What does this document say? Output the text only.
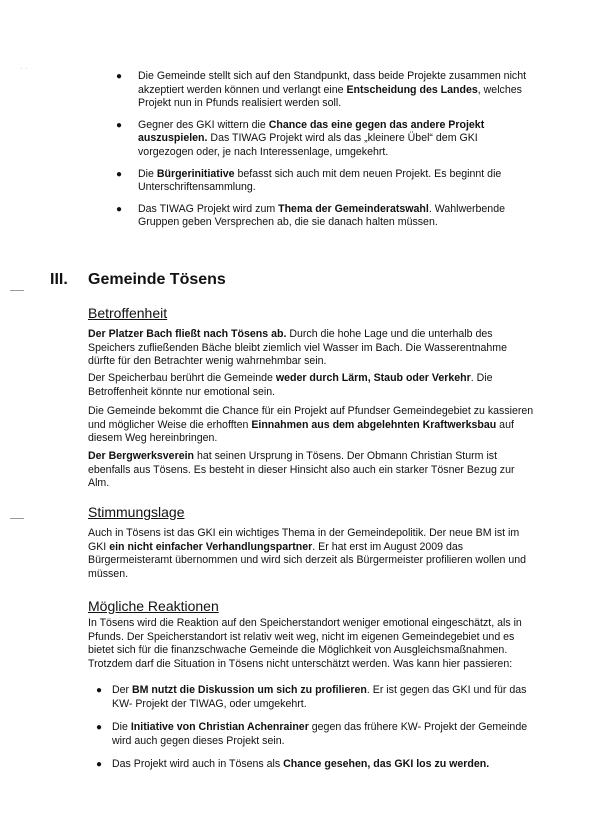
· ·
● Die Gemeinde stellt sich auf den Standpunkt, dass beide Projekte zusammen nicht akzeptiert werden können und verlangt eine Entscheidung des Landes, welches Projekt nun in Pfunds realisiert werden soll.
● Gegner des GKI wittern die Chance das eine gegen das andere Projekt auszuspielen. Das TIWAG Projekt wird als das „kleinere Übel“ dem GKI vorgezogen oder, je nach Interessenlage, umgekehrt.
● Die Bürgerinitiative befasst sich auch mit dem neuen Projekt. Es beginnt die Unterschriftensammlung.
● Das TIWAG Projekt wird zum Thema der Gemeinderatswahl. Wahlwerbende Gruppen geben Versprechen ab, die sie danach halten müssen.
III. Gemeinde Tösens
Betroffenheit

Der Platzer Bach fließt nach Tösens ab. Durch die hohe Lage und die unterhalb des Speichers zufließenden Bäche bleibt ziemlich viel Wasser im Bach. Die Wasserentnahme dürfte für den Betrachter wenig wahrnehmbar sein.

Der Speicherbau berührt die Gemeinde weder durch Lärm, Staub oder Verkehr. Die Betroffenheit könnte nur emotional sein.

Die Gemeinde bekommt die Chance für ein Projekt auf Pfundser Gemeindegebiet zu kassieren und möglicher Weise die erhofften Einnahmen aus dem abgelehnten Kraftwerksbau auf diesem Weg hereinbringen.

Der Bergwerksverein hat seinen Ursprung in Tösens. Der Obmann Christian Sturm ist ebenfalls aus Tösens. Es besteht in dieser Hinsicht also auch ein starker Tösner Bezug zur Alm.

Stimmungslage

Auch in Tösens ist das GKI ein wichtiges Thema in der Gemeindepolitik. Der neue BM ist im GKI ein nicht einfacher Verhandlungspartner. Er hat erst im August 2009 das Bürgermeisteramt übernommen und wird sich derzeit als Bürgermeister profilieren wollen und müssen.

Mögliche Reaktionen

In Tösens wird die Reaktion auf den Speicherstandort weniger emotional eingeschätzt, als in Pfunds. Der Speicherstandort ist relativ weit weg, nicht im eigenen Gemeindegebiet und es bietet sich für die finanzschwache Gemeinde die Möglichkeit von Ausgleichsmaßnahmen. Trotzdem darf die Situation in Tösens nicht unterschätzt werden. Was kann hier passieren:

● Der BM nutzt die Diskussion um sich zu profilieren. Er ist gegen das GKI und für das KW- Projekt der TIWAG, oder umgekehrt.
● Die Initiative von Christian Achenrainer gegen das frühere KW- Projekt der Gemeinde wird auch gegen dieses Projekt sein.
● Das Projekt wird auch in Tösens als Chance gesehen, das GKI los zu werden.
